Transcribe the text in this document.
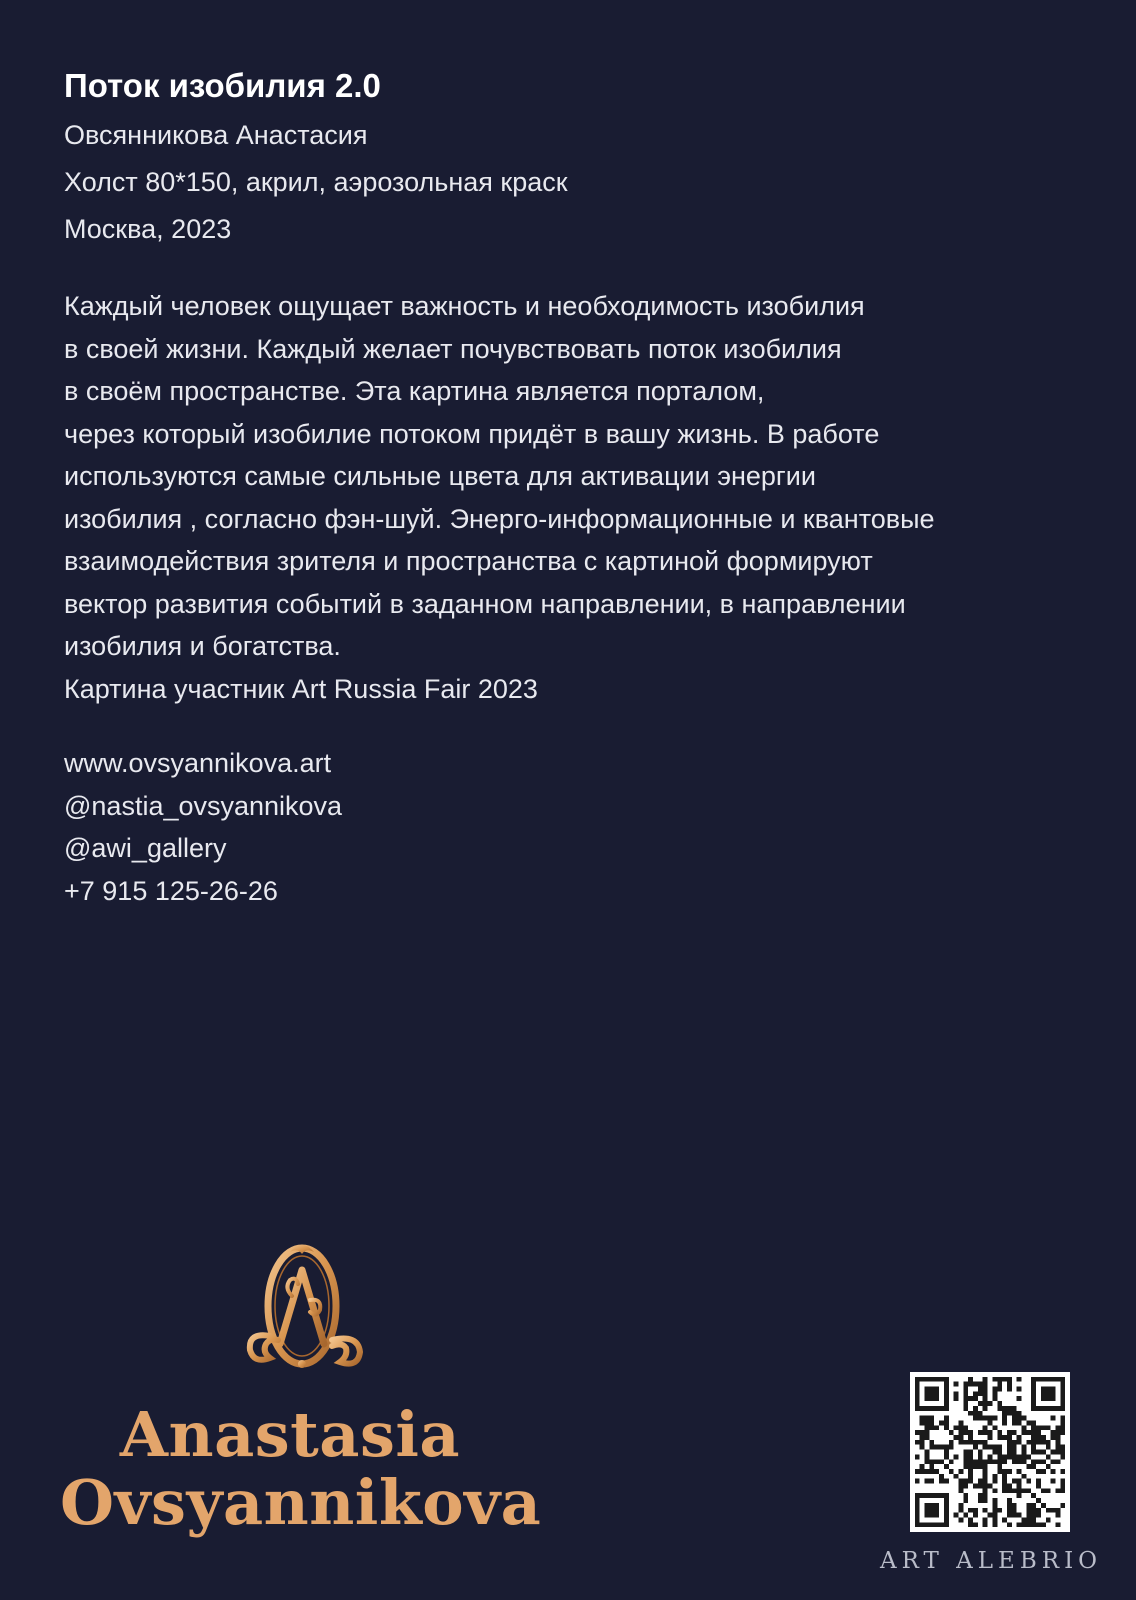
Поток изобилия 2.0
Овсянникова Анастасия
Холст 80*150, акрил, аэрозольная краск
Москва, 2023
Каждый человек ощущает важность и необходимость изобилия
в своей жизни. Каждый желает почувствовать поток изобилия
в своём пространстве. Эта картина является порталом,
через который изобилие потоком придёт в вашу жизнь. В работе
используются самые сильные цвета для активации энергии
изобилия , согласно фэн-шуй. Энерго-информационные и квантовые
взаимодействия зрителя и пространства с картиной формируют
вектор развития событий в заданном направлении, в направлении
изобилия и богатства.
Картина участник Art Russia Fair 2023
www.ovsyannikova.art
@nastia_ovsyannikova
@awi_gallery
+7 915 125-26-26
Anastasia
Ovsyannikova
ART ALEBRIO
